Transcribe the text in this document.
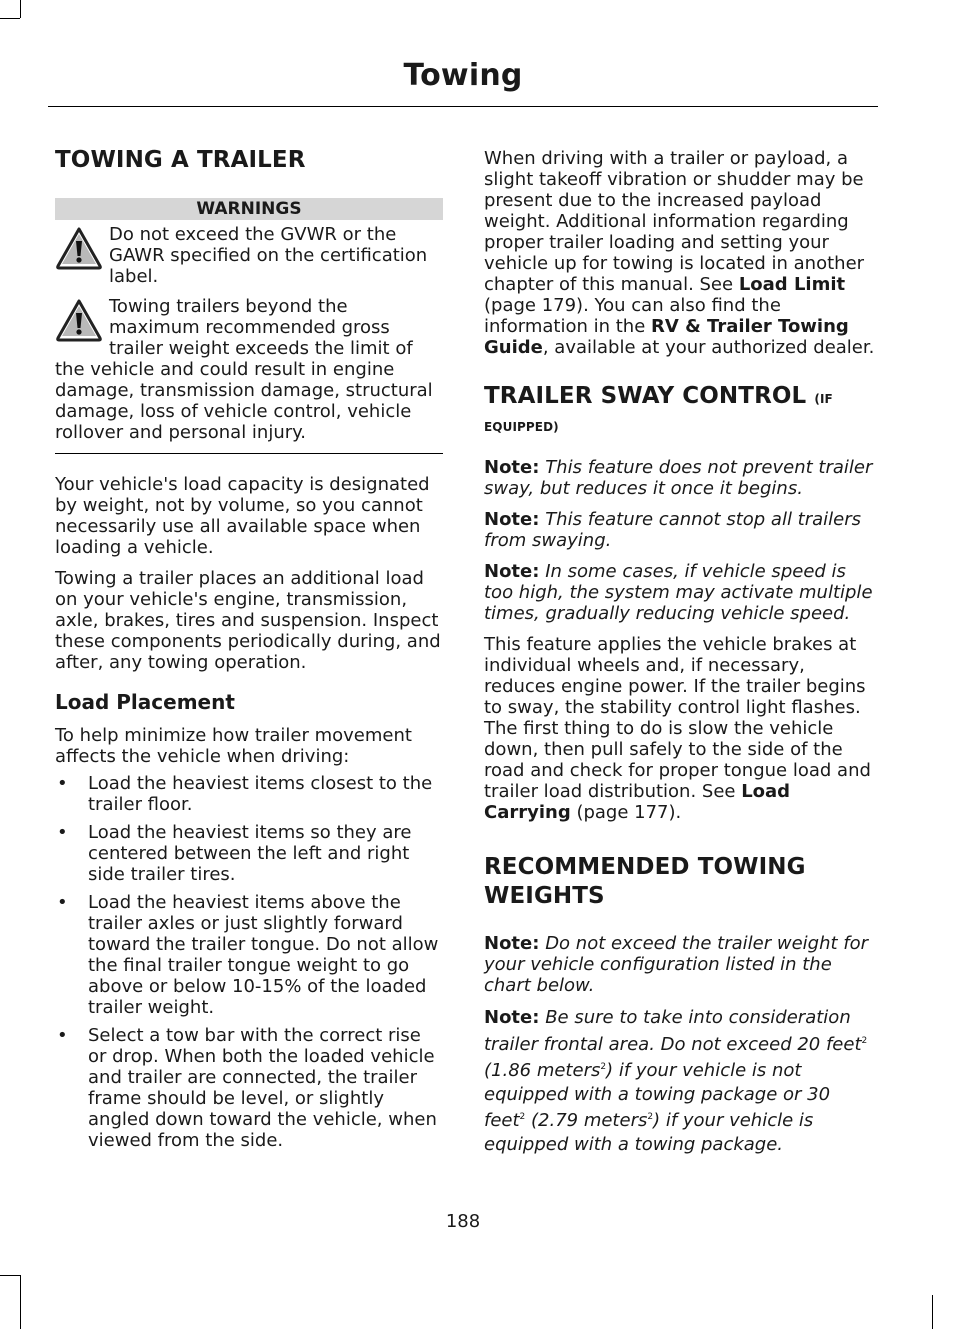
Towing
TOWING A TRAILER
WARNINGS
Do not exceed the GVWR or the GAWR specified on the certification label.
Towing trailers beyond the maximum recommended gross trailer weight exceeds the limit of the vehicle and could result in engine damage, transmission damage, structural damage, loss of vehicle control, vehicle rollover and personal injury.

Your vehicle's load capacity is designated by weight, not by volume, so you cannot necessarily use all available space when loading a vehicle.

Towing a trailer places an additional load on your vehicle's engine, transmission, axle, brakes, tires and suspension. Inspect these components periodically during, and after, any towing operation.

Load Placement

To help minimize how trailer movement affects the vehicle when driving:

• Load the heaviest items closest to the trailer floor.
• Load the heaviest items so they are centered between the left and right side trailer tires.
• Load the heaviest items above the trailer axles or just slightly forward toward the trailer tongue. Do not allow the final trailer tongue weight to go above or below 10-15% of the loaded trailer weight.
• Select a tow bar with the correct rise or drop. When both the loaded vehicle and trailer are connected, the trailer frame should be level, or slightly angled down toward the vehicle, when viewed from the side.

When driving with a trailer or payload, a slight takeoff vibration or shudder may be present due to the increased payload weight. Additional information regarding proper trailer loading and setting your vehicle up for towing is located in another chapter of this manual. See Load Limit (page 179). You can also find the information in the RV & Trailer Towing Guide, available at your authorized dealer.

TRAILER SWAY CONTROL (IF
EQUIPPED)

Note: This feature does not prevent trailer sway, but reduces it once it begins.

Note: This feature cannot stop all trailers from swaying.

Note: In some cases, if vehicle speed is too high, the system may activate multiple times, gradually reducing vehicle speed.

This feature applies the vehicle brakes at individual wheels and, if necessary, reduces engine power. If the trailer begins to sway, the stability control light flashes. The first thing to do is slow the vehicle down, then pull safely to the side of the road and check for proper tongue load and trailer load distribution. See Load Carrying (page 177).

RECOMMENDED TOWING WEIGHTS

Note: Do not exceed the trailer weight for your vehicle configuration listed in the chart below.

Note: Be sure to take into consideration trailer frontal area. Do not exceed 20 feet$^2$ (1.86 meters$^2$) if your vehicle is not equipped with a towing package or 30 feet$^2$ (2.79 meters$^2$) if your vehicle is equipped with a towing package.

188
